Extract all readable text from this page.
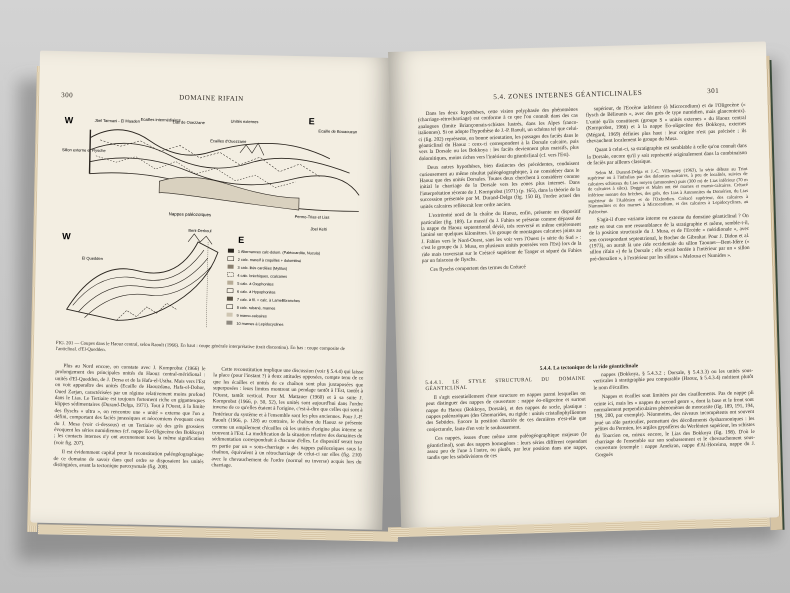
300	DOMAINE RIFAIN
W	E
Jbel Tarmani - El Maaden Ecailles intermédiaires
Lias de Ouezzane	Unités externes
Ecaille de Bouaouzan
Sillon externe et Flysche
Ecailles d'Ouezzane
Nappes paléozoïques	Permo-Trias et Lias
Jbel Kelti
W	E
El Quedden
Beni-Derkoul
1 Alternances calc-dolom. (Paléocardita, Nucula)
2 calc. massif à coquilles + dolomitisé
3 calc. lités cardiées (Mytilus)
4 calc. brèchiques, ccalcaires
5 calc. à Oxyphonites
6 calc. à Hypophonites
7 calc. à fil. + calc. à Lamellibranches
8 calc. rubané, marnes
9 marno-calcaires
10 marnes à Lepidocyclines
FIG. 201 — Coupes dans le Haouz central, selon Raoult (1966). En haut : coupe générale interprétative (trait discontinu). En bas : coupe composite de l'anticlinal. d'El-Quedden.

Plus au Nord encore, on constate avec J. Kornprobst (1966) le prolongement des principales unités du Haouz central-méridional : unités d'El-Quedden, de J. Dersa et de la Hafa-el-Ustha. Mais vers l'Est on voit apparaître des unités (Ecaille de Haouzdana, Hafa-el-Dohor, Oued Zarjan, caractérisées par un régime relativement moins profond dans le Lias. Le Tertiaire est toujours fortement riche en gigantesques klippes sédimentaires (Durand-Delga, 1971). Tout à l'Ouest, à la limite des flyschs « ultra », on rencontre une « unité » externe que l'on a défini, comportant des faciès jurassiques et néocomiens évoquant ceux du J. Mesa (voir ci-dessous) et un Tertiaire où des grès grossiers évoquent les séries numidiennes (cf. nappe Eo-Oligocène des Bokkoya) ; les contacts internes n'y ont aucunement tous la même signification (voir fig. 207).

Il est évidemment capital pour la reconstitution paléogéographique de ce domaine de savoir dans quel ordre se disposaient les unités distinguées, avant la tectonique paroxysmale (fig. 208).

Cette reconstitution implique une discussion (voir § 5.4.4) qui laisse la place (pour l'instant ?) à deux attitudes opposées, compte tenu de ce que les écailles et unités de ce chaînon sont plus juxtaposées que superposées : leurs limites montrent un pendage tantôt à l'Est, tantôt à l'Ouest, tantôt vertical. Pour M. Mattauer (1960) et à sa suite J. Kornprobst (1966, p. 50, 52), les unités sont aujourd'hui dans l'ordre inverse de ce qu'elles étaient à l'origine, c'est-à-dire que celles qui sont à l'intérieur du système et à l'ensemble sont les plus anciennes. Pour J.-P. Raoult (1966, p. 128) au contraire, le chaînon du Haouz se présente comme un empilement d'écailles où les unités d'origine plus interne se trouvent à l'Est. La modification de la situation relative des domaines de sédimentation correspondrait à chacune d'elles. Le dispositif serait issu en partie par un « sous-charriage » des nappes paléozoïques sous le chaînon, équivalent à un rétrocharriage de celui-ci sur elles (fig. 210) avec le chevauchement de l'ordre (normal ou inverse) acquis lors du charriage.

5.4. ZONES INTERNES GÉANTICLINALES	301

Dans les deux hypothèses, cette vision polyphasée des phénomènes (charriage-rétrocharriage) est conforme à ce que l'on connaît dans des cas analogues (limite Briançonnais-schistes lustrés, dans les Alpes franco-italiennes). Si on adopte l'hypothèse de J.-P. Raoult, un schéma tel que celui-ci (fig. 202) représente, en bonne orientation, les passages des faciès dans le géanticlinal du Haouz : ceux-ci correspondent à la Dorsale calcaire, puis vers la Dorsale ou les Bokkoya : les faciès deviennent plus massifs, plus dolomitiques, moins riches vers l'intérieur du géanticlinal (cf. vers l'Est).

Deux autres hypothèses, bien distinctes des précédentes, conduisent curieusement au même résultat paléogéographique, à ne considérer dans le Haouz que des unités Dorsales. Toutes deux cherchent à considérer comme initial le charriage de la Dorsale vers les zones plus internes. Dans l'interprétation récente de J. Kornprobst (1971) (p. 165), dans la théorie de la succession présentée par M. Durand-Delga (fig. 150 B), l'ordre actuel des unités calcaires refléterait leur ordre ancien.

L'extrémité nord de la chaîne du Haouz, enfin, présente un dispositif particulier (fig. 189). Le massif du J. Fahies se présente comme dépassé de la nappe du Haouz septentrional dévié, très renversé et même entièrement laminé sur quelques kilomètres. Un groupe de montagnes calcaires joints au J. Fahies vers le Nord-Ouest, sans les voir vers l'Ouest (« série du Sud » : c'est le groupe du J. Musa, en plusieurs unités poussées vers l'Est) lors de la ride mais traversant sur le Crétacé supérieur de Tanger et séparé du Fahies par un faisceau de flyschs.

Ces flyschs comportent des termes du Crétacé

supérieur, de l'Eocène inférieur (à Microcodium) et de l'Oligocène (« flysch de Béliounis », avec des grès de type numidien, mais glauconieux). L'unité qu'ils constituent (groupe S « unités externes » du Haouz central (Kornprobst, 1966) et à la nappe Eo-oligocène des Bokkoya, externes (Mégard, 1969) définies plus haut : leur origine n'est pas précisée ; ils chevauchent localement le groupe du Musa.

Quant à celui-ci, sa stratigraphie est semblable à celle qu'on connaît dans la Dorsale, encore qu'il y soit représenté originalement dans la combinaison de faciès par ailleurs classique.

Selon M. Durand-Delga et J.-C. Villeumey (1963), la série débute au Trias supérieur ou à l'infralias par des dolomies calcaires, à peu de localités, suivies de calcaires schisteux du Lias moyen (ammonites) puis (300 m) de Lias inférieur (70 m de calcaires à silex). Dogger et Malm ont été marnes et marno-calcaires. Crétacé inférieur montre des brèches, des grès, des Lias à Ammonites du Domérien, du Lias supérieur de l'Aalénien et de l'Oxfordien. Crétacé supérieur, des calcaires à Nummulites et des marnes à Microcodium, et des calcaires à Lepidocyclines, au Paléocène.

S'agit-il d'une variante interne ou externe du domaine géanticlinal ? On note en tout cas une ressemblance de la stratigraphie et même, semble-t-il, de la position structurale du J. Musa, et de l'Ercéde « méridionale », avec son correspondant septentrional, le Rocher de Gibraltar. Pour J. Didon et al. (1973), on aurait là une ride occidentale du sillon Taounet—Bent-Idère (« sillon rifain ») de la Dorsale ; elle serait bordée à l'intérieur par un « sillon pré-dorsalien », à l'extérieur par les sillons « Melousa et Numides ».

5.4.4. La tectonique de la ride géanticlinale
5.4.4.1. LE STYLE STRUCTURAL DU DOMAINE GÉANTICLINAL

Il s'agit essentiellement d'une structure en nappes parmi lesquelles on peut distinguer des nappes de couverture : nappe éo-oligocène et surtout nappe du Haouz (Bokkoya, Dorsale), et des nappes de socle, plastique : nappes paléozoïques (des Ghomarides, ou rigide : unités cristallophylliennes des Sebtides. Encore la position charriée de ces dernières n'est-elle que conjecturale, faute d'en voir le soubassement.

Ces nappes, issues d'une même zone paléogéographique majeure (le géanticlinal), sont des nappes homogènes : leurs séries diffèrent cependant assez peu de l'une à l'autre, ou plutôt, par leur position dans une nappe, tandis que les subdivisions de ces

nappes (Bokkoya, § 5.4.3.2 ; Dorsale, § 5.4.3.3) ou les unités sous-verticales à stratigraphie peu comparable (Haouz, § 5.4.3.4) méritent plutôt le nom d'écailles.

Nappes et écailles sont limitées par des cisaillements. Pas de nappe pli ceinte ici, mais les « nappes du second genre », dont la base et le front sont normalement perpendiculaires phénomènes de moncasite (fig. 189, 191, 194, 198, 200, par exemple). Néanmoins, des niveaux incompétents ont souvent joué un rôle particulier, permettant des décollements dysharmoniques : les pélites du Permien, les argiles gypsifères du Werfénien supérieur, les schistes du Toarcien ou, mieux encore, le Lias des Bokkoya (fig. 198). D'où le charriage de l'ensemble sur son soubassement et le chevauchement sous-couverture (exemple : nappe Amekran, nappe d'Al-Hoceima, nappe du J. Gorgués
